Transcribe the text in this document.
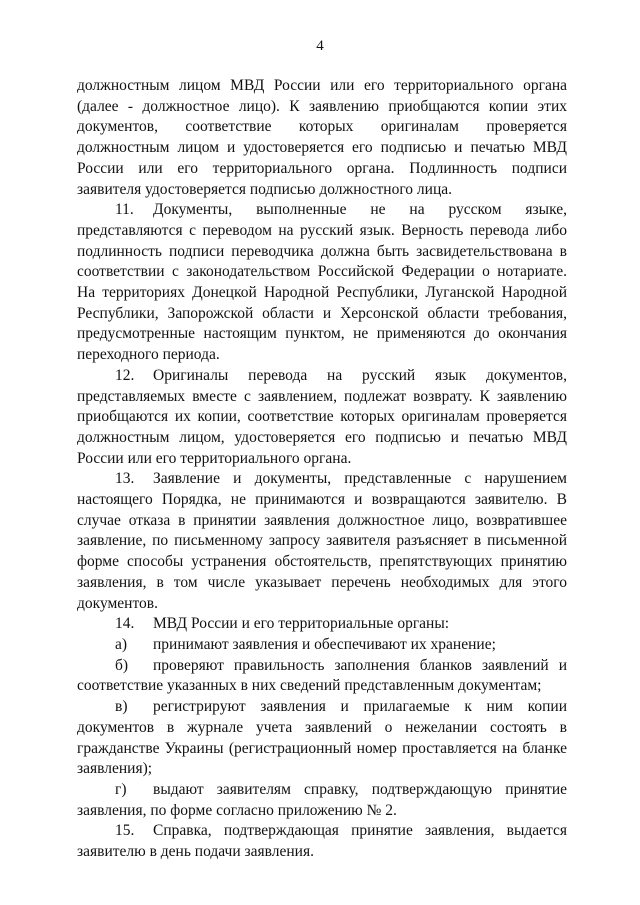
4

должностным лицом МВД России или его территориального органа (далее - должностное лицо). К заявлению приобщаются копии этих документов, соответствие которых оригиналам проверяется должностным лицом и удостоверяется его подписью и печатью МВД России или его территориального органа. Подлинность подписи заявителя удостоверяется подписью должностного лица.

11. Документы, выполненные не на русском языке, представляются с переводом на русский язык. Верность перевода либо подлинность подписи переводчика должна быть засвидетельствована в соответствии с законодательством Российской Федерации о нотариате. На территориях Донецкой Народной Республики, Луганской Народной Республики, Запорожской области и Херсонской области требования, предусмотренные настоящим пунктом, не применяются до окончания переходного периода.

12. Оригиналы перевода на русский язык документов, представляемых вместе с заявлением, подлежат возврату. К заявлению приобщаются их копии, соответствие которых оригиналам проверяется должностным лицом, удостоверяется его подписью и печатью МВД России или его территориального органа.

13. Заявление и документы, представленные с нарушением настоящего Порядка, не принимаются и возвращаются заявителю. В случае отказа в принятии заявления должностное лицо, возвратившее заявление, по письменному запросу заявителя разъясняет в письменной форме способы устранения обстоятельств, препятствующих принятию заявления, в том числе указывает перечень необходимых для этого документов.

14. МВД России и его территориальные органы:

а) принимают заявления и обеспечивают их хранение;

б) проверяют правильность заполнения бланков заявлений и соответствие указанных в них сведений представленным документам;

в) регистрируют заявления и прилагаемые к ним копии документов в журнале учета заявлений о нежелании состоять в гражданстве Украины (регистрационный номер проставляется на бланке заявления);

г) выдают заявителям справку, подтверждающую принятие заявления, по форме согласно приложению № 2.

15. Справка, подтверждающая принятие заявления, выдается заявителю в день подачи заявления.
